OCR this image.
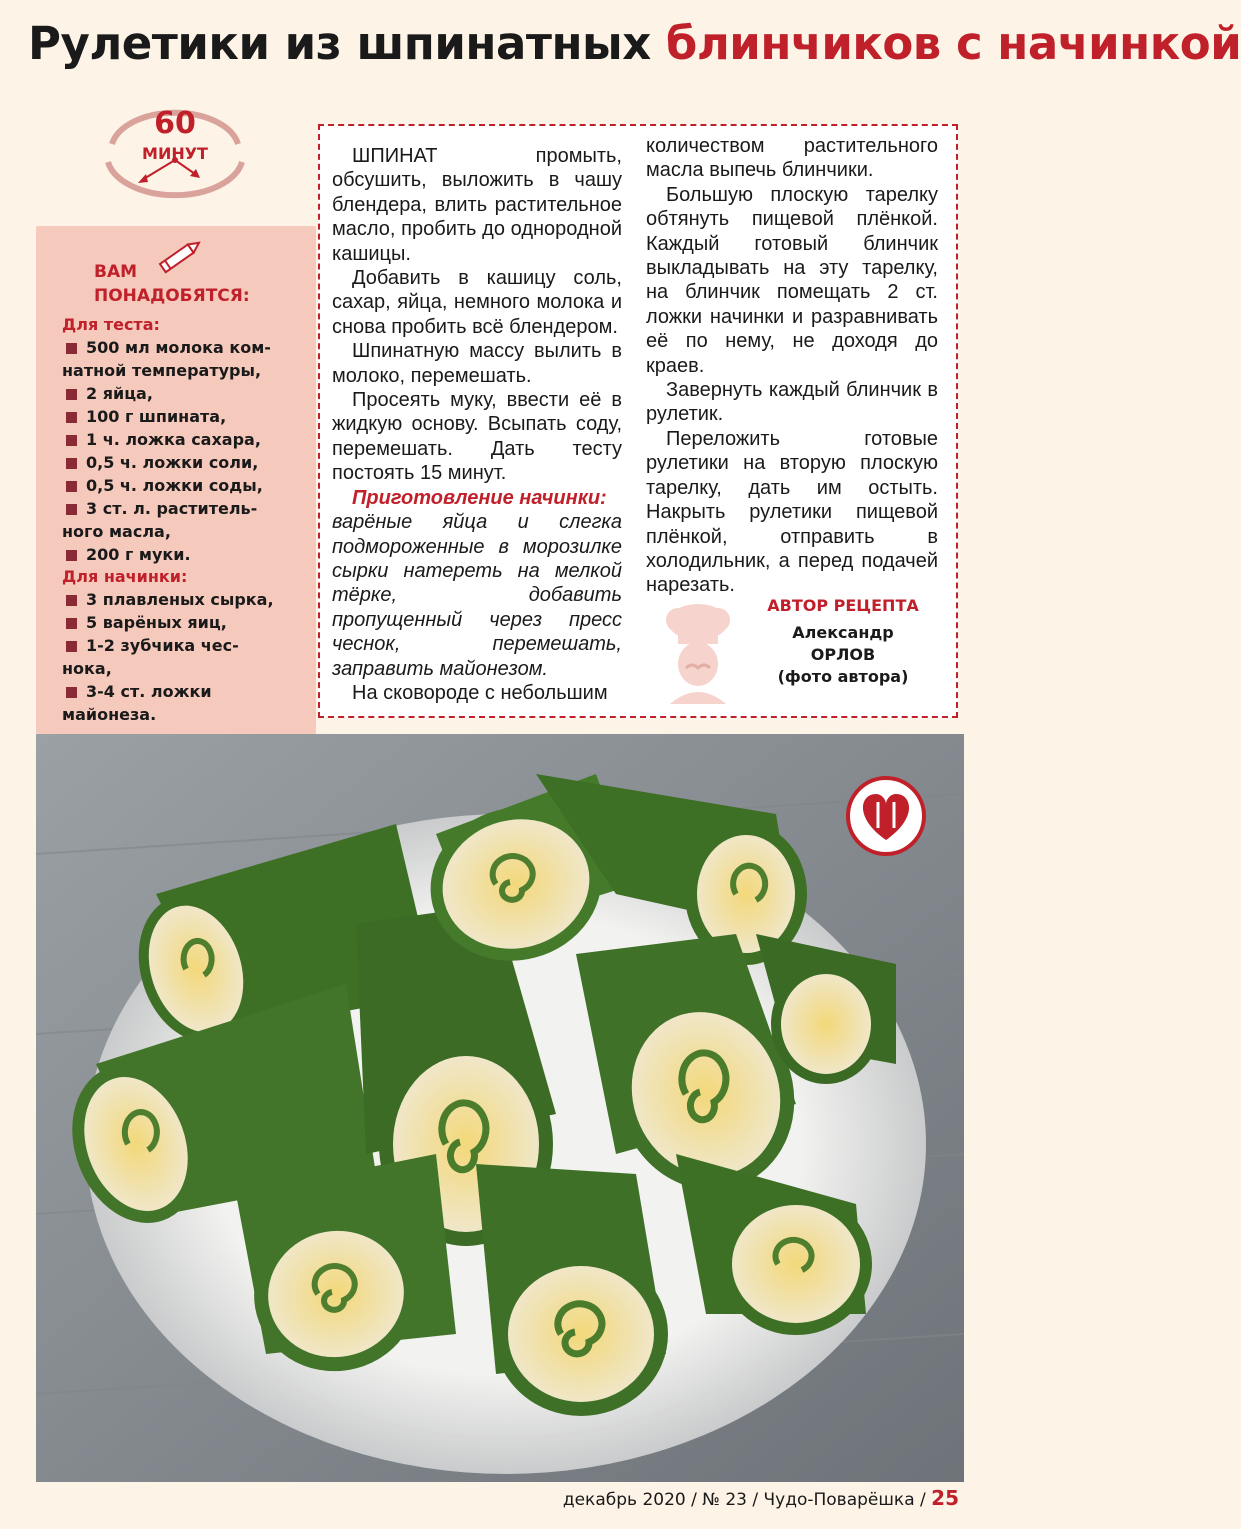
Рулетики из шпинатных блинчиков с начинкой
60
МИНУТ
ВАМ
ПОНАДОБЯТСЯ:
Для теста:
500 мл молока ком-
натной температуры,
2 яйца,
100 г шпината,
1 ч. ложка сахара,
0,5 ч. ложки соли,
0,5 ч. ложки соды,
3 ст. л. раститель-
ного масла,
200 г муки.
Для начинки:
3 плавленых сырка,
5 варёных яиц,
1-2 зубчика чес-
нока,
3-4 ст. ложки
майонеза.

ШПИНАТ промыть, обсушить, выложить в чашу блендера, влить растительное масло, пробить до однородной кашицы.

Добавить в кашицу соль, сахар, яйца, немного молока и снова пробить всё блендером.

Шпинатную массу вылить в молоко, перемешать.

Просеять муку, ввести её в жидкую основу. Всыпать соду, перемешать. Дать тесту постоять 15 минут.

Приготовление начинки:

варёные яйца и слегка подмороженные в морозилке сырки натереть на мелкой тёрке, добавить пропущенный через пресс чеснок, перемешать, заправить майонезом.

На сковороде с небольшим

количеством растительного масла выпечь блинчики.

Большую плоскую тарелку обтянуть пищевой плёнкой. Каждый готовый блинчик выкладывать на эту тарелку, на блинчик помещать 2 ст. ложки начинки и разравнивать её по нему, не доходя до краев.

Завернуть каждый блинчик в рулетик.

Переложить готовые рулетики на вторую плоскую тарелку, дать им остыть. Накрыть рулетики пищевой плёнкой, отправить в холодильник, а перед подачей нарезать.

АВТОР РЕЦЕПТА
Александр
ОРЛОВ
(фото автора)
декабрь 2020 / № 23 / Чудо-Поварёшка / 25
